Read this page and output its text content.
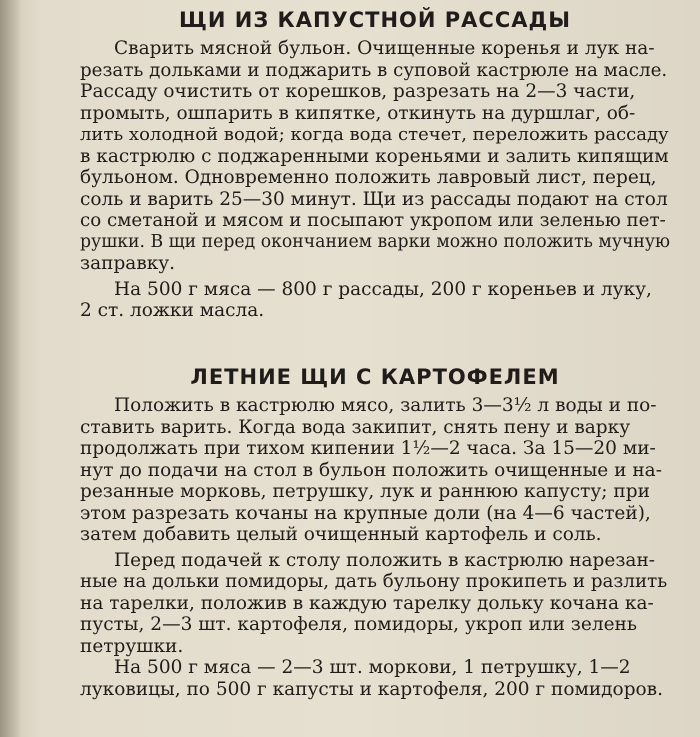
ЩИ ИЗ КАПУСТНОЙ РАССАДЫ

Сварить мясной бульон. Очищенные коренья и лук на-
резать дольками и поджарить в суповой кастрюле на масле.
Рассаду очистить от корешков, разрезать на 2—3 части,
промыть, ошпарить в кипятке, откинуть на дуршлаг, об-
лить холодной водой; когда вода стечет, переложить рассаду
в кастрюлю с поджаренными кореньями и залить кипящим
бульоном. Одновременно положить лавровый лист, перец,
соль и варить 25—30 минут. Щи из рассады подают на стол
со сметаной и мясом и посыпают укропом или зеленью пет-
рушки. В щи перед окончанием варки можно положить мучную
заправку.

На 500 г мяса — 800 г рассады, 200 г кореньев и луку,
2 ст. ложки масла.

ЛЕТНИЕ ЩИ С КАРТОФЕЛЕМ

Положить в кастрюлю мясо, залить 3—3½ л воды и по-
ставить варить. Когда вода закипит, снять пену и варку
продолжать при тихом кипении 1½—2 часа. За 15—20 ми-
нут до подачи на стол в бульон положить очищенные и на-
резанные морковь, петрушку, лук и раннюю капусту; при
этом разрезать кочаны на крупные доли (на 4—6 частей),
затем добавить целый очищенный картофель и соль.

Перед подачей к столу положить в кастрюлю нарезан-
ные на дольки помидоры, дать бульону прокипеть и разлить
на тарелки, положив в каждую тарелку дольку кочана ка-
пусты, 2—3 шт. картофеля, помидоры, укроп или зелень
петрушки.

На 500 г мяса — 2—3 шт. моркови, 1 петрушку, 1—2
луковицы, по 500 г капусты и картофеля, 200 г помидоров.
